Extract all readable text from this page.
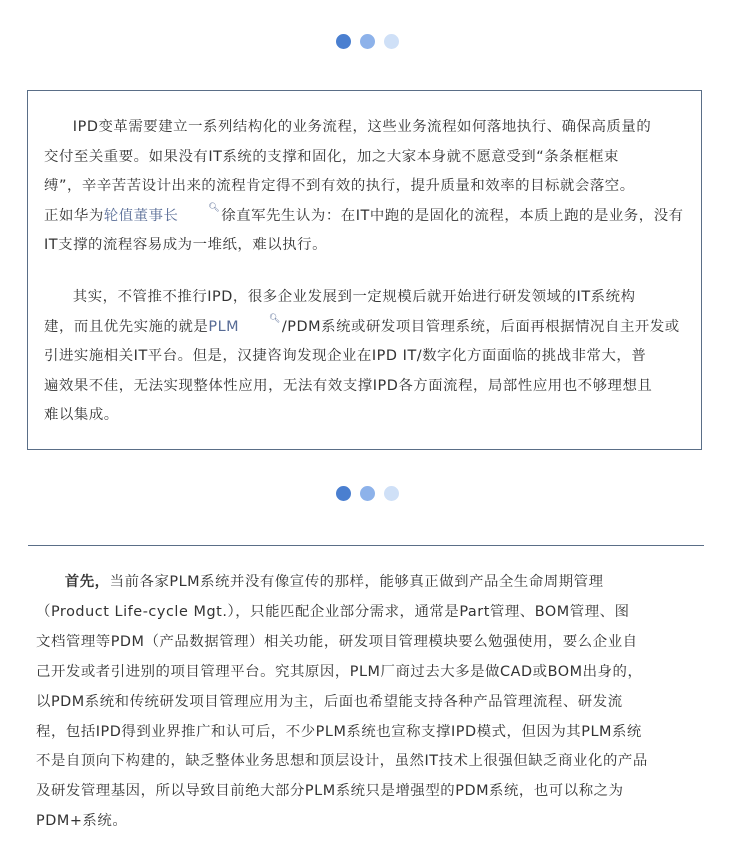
IPD变革需要建立一系列结构化的业务流程，这些业务流程如何落地执行、确保高质量的
交付至关重要。如果没有IT系统的支撑和固化，加之大家本身就不愿意受到“条条框框束
缚”，辛辛苦苦设计出来的流程肯定得不到有效的执行，提升质量和效率的目标就会落空。
正如华为轮值董事长	🔍︎徐直军先生认为：在IT中跑的是固化的流程，本质上跑的是业务，没有
IT支撑的流程容易成为一堆纸，难以执行。

其实，不管推不推行IPD，很多企业发展到一定规模后就开始进行研发领域的IT系统构
建，而且优先实施的就是PLM	🔍︎/PDM系统或研发项目管理系统，后面再根据情况自主开发或
引进实施相关IT平台。但是，汉捷咨询发现企业在IPD IT/数字化方面面临的挑战非常大，普
遍效果不佳，无法实现整体性应用，无法有效支撑IPD各方面流程，局部性应用也不够理想且
难以集成。

首先，当前各家PLM系统并没有像宣传的那样，能够真正做到产品全生命周期管理
（Product Life-cycle Mgt.），只能匹配企业部分需求，通常是Part管理、BOM管理、图
文档管理等PDM（产品数据管理）相关功能，研发项目管理模块要么勉强使用，要么企业自
己开发或者引进别的项目管理平台。究其原因，PLM厂商过去大多是做CAD或BOM出身的，
以PDM系统和传统研发项目管理应用为主，后面也希望能支持各种产品管理流程、研发流
程，包括IPD得到业界推广和认可后，不少PLM系统也宣称支撑IPD模式，但因为其PLM系统
不是自顶向下构建的，缺乏整体业务思想和顶层设计，虽然IT技术上很强但缺乏商业化的产品
及研发管理基因，所以导致目前绝大部分PLM系统只是增强型的PDM系统，也可以称之为
PDM+系统。
